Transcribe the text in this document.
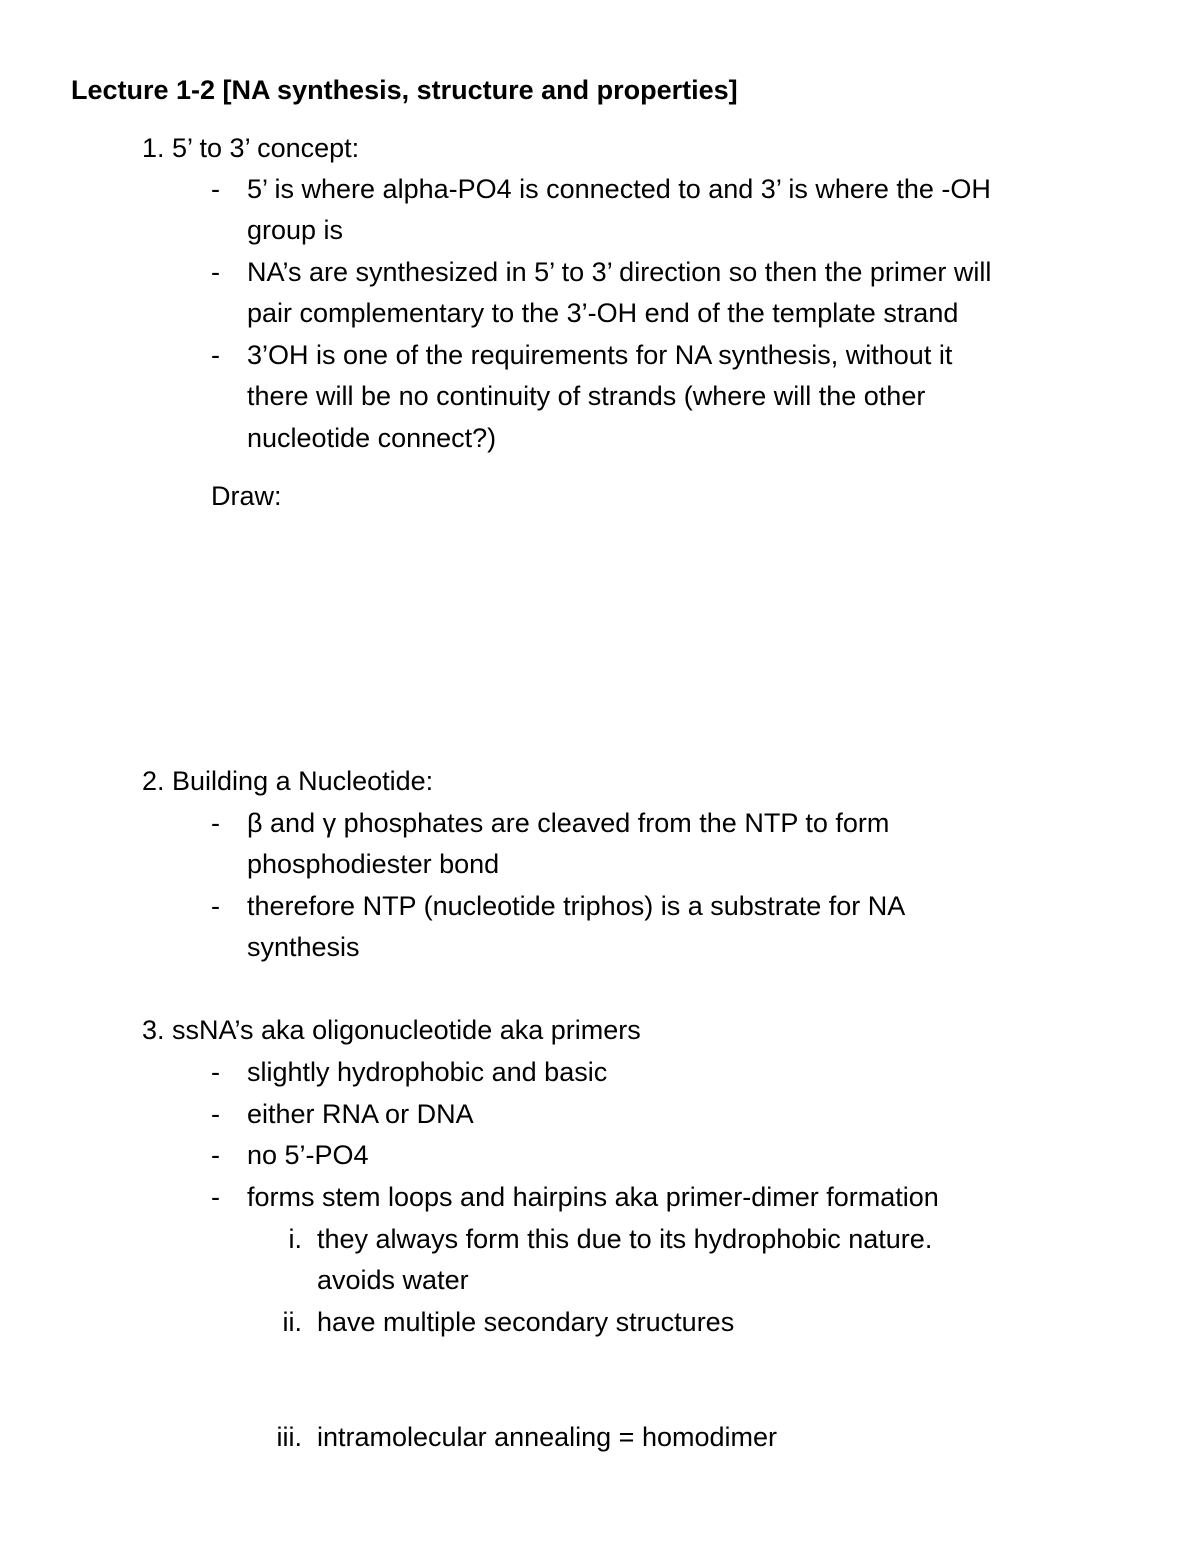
Lecture 1-2 [NA synthesis, structure and properties]
1. 5’ to 3’ concept:
- 5’ is where alpha-PO4 is connected to and 3’ is where the -OH
group is
- NA’s are synthesized in 5’ to 3’ direction so then the primer will
pair complementary to the 3’-OH end of the template strand
- 3’OH is one of the requirements for NA synthesis, without it
there will be no continuity of strands (where will the other
nucleotide connect?)
Draw:
2. Building a Nucleotide:
- β and γ phosphates are cleaved from the NTP to form
phosphodiester bond
- therefore NTP (nucleotide triphos) is a substrate for NA
synthesis
3. ssNA’s aka oligonucleotide aka primers
- slightly hydrophobic and basic
- either RNA or DNA
- no 5’-PO4
- forms stem loops and hairpins aka primer-dimer formation
i. they always form this due to its hydrophobic nature.
avoids water
ii. have multiple secondary structures
iii. intramolecular annealing = homodimer
